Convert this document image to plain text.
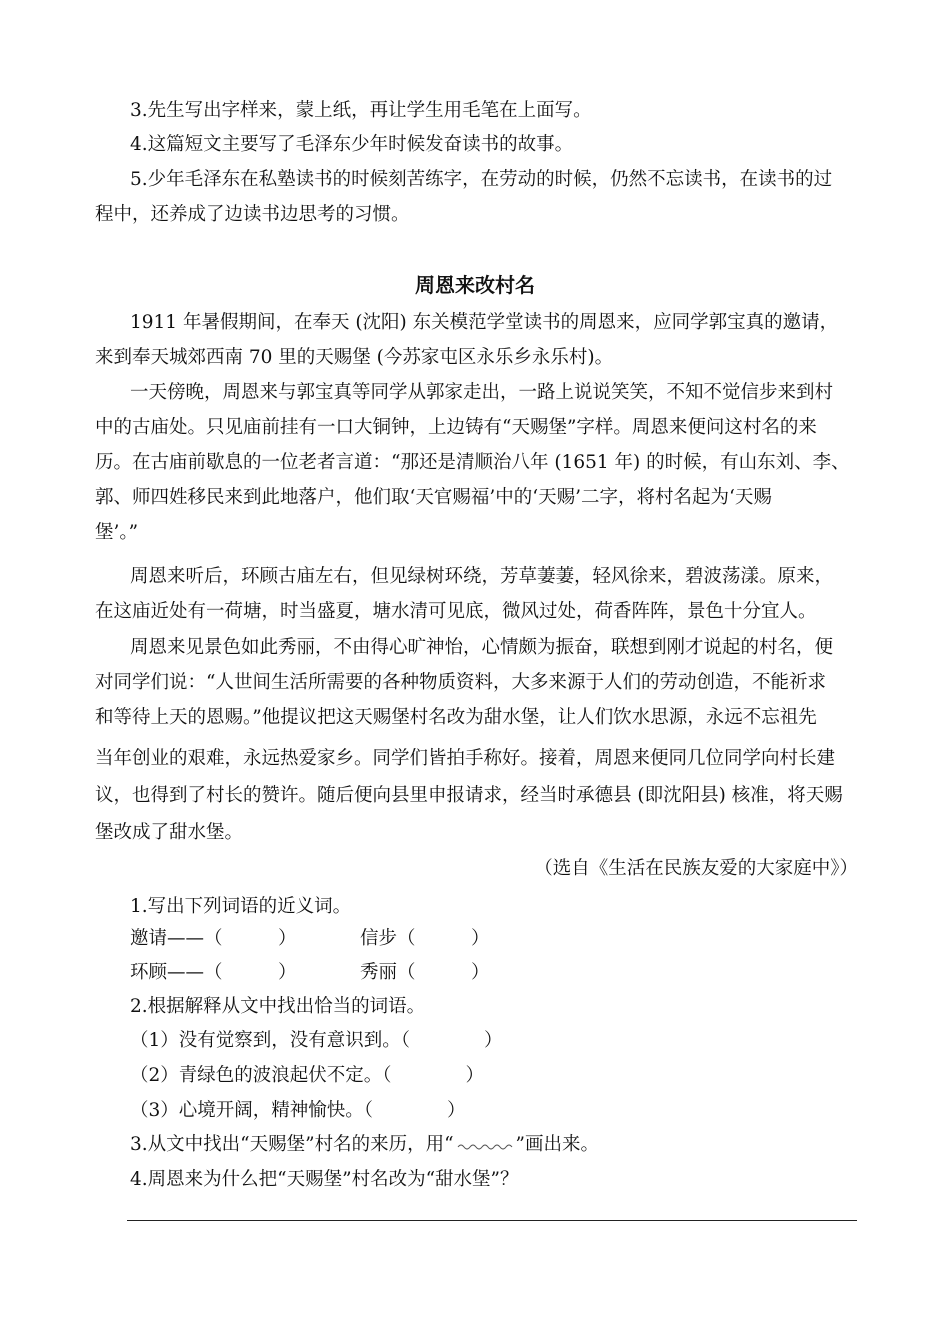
3.先生写出字样来，蒙上纸，再让学生用毛笔在上面写。
4.这篇短文主要写了毛泽东少年时候发奋读书的故事。
5.少年毛泽东在私塾读书的时候刻苦练字，在劳动的时候，仍然不忘读书，在读书的过
程中，还养成了边读书边思考的习惯。
周恩来改村名
1911 年暑假期间，在奉天 (沈阳) 东关模范学堂读书的周恩来，应同学郭宝真的邀请，
来到奉天城郊西南 70 里的天赐堡 (今苏家屯区永乐乡永乐村)。
一天傍晚，周恩来与郭宝真等同学从郭家走出，一路上说说笑笑，不知不觉信步来到村
中的古庙处。只见庙前挂有一口大铜钟，上边铸有“天赐堡”字样。周恩来便问这村名的来
历。在古庙前歇息的一位老者言道：“那还是清顺治八年 (1651 年) 的时候，有山东刘、李、
郭、师四姓移民来到此地落户，他们取‘天官赐福’中的‘天赐’二字，将村名起为‘天赐
堡’。”
周恩来听后，环顾古庙左右，但见绿树环绕，芳草萋萋，轻风徐来，碧波荡漾。原来，
在这庙近处有一荷塘，时当盛夏，塘水清可见底，微风过处，荷香阵阵，景色十分宜人。
周恩来见景色如此秀丽，不由得心旷神怡，心情颇为振奋，联想到刚才说起的村名，便
对同学们说：“人世间生活所需要的各种物质资料，大多来源于人们的劳动创造，不能祈求
和等待上天的恩赐。”他提议把这天赐堡村名改为甜水堡，让人们饮水思源，永远不忘祖先
当年创业的艰难，永远热爱家乡。同学们皆拍手称好。接着，周恩来便同几位同学向村长建
议，也得到了村长的赞许。随后便向县里申报请求，经当时承德县 (即沈阳县) 核准，将天赐
堡改成了甜水堡。
（选自《生活在民族友爱的大家庭中》）
1.写出下列词语的近义词。
邀请——（　　　）	信步（　　　）
环顾——（　　　）	秀丽（　　　）
2.根据解释从文中找出恰当的词语。
（1）没有觉察到，没有意识到。（　　　　）
（2）青绿色的波浪起伏不定。（　　　　）
（3）心境开阔，精神愉快。（　　　　）
3.从文中找出“天赐堡”村名的来历，用“	”画出来。
4.周恩来为什么把“天赐堡”村名改为“甜水堡”？
